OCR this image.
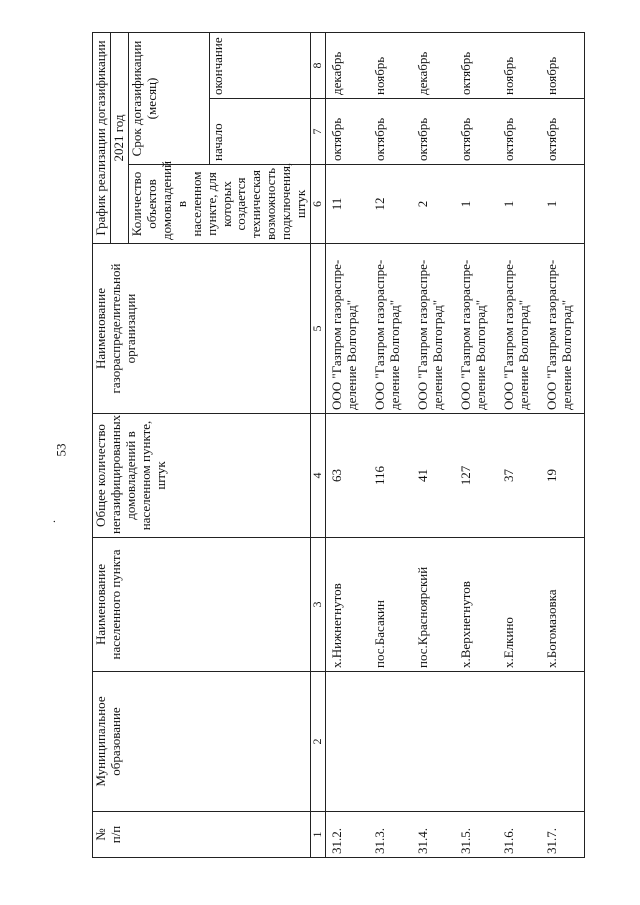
53
.
№
п/п	Муниципальное образование	Наименование населенного пункта	Общее количество негазифицированных домовладений в населенном пункте, штук	Наименование газораспределительной организации	График реализации догазификации		
					2021 год		
					Количество объектов домовладений в населенном пункте, для которых создается техническая возможность подключения, штук	Срок догазификации (месяц)	
						начало	окончание
1	2	3	4	5	6	7	8
31.2.		х.Нижнегнутов	63	ООО "Газпром газораспре-деление Волгоград"	11	октябрь	декабрь
31.3.		пос.Басакин	116	ООО "Газпром газораспре-деление Волгоград"	12	октябрь	ноябрь
31.4.		пос.Красноярский	41	ООО "Газпром газораспре-деление Волгоград"	2	октябрь	декабрь
31.5.		х.Верхнегнутов	127	ООО "Газпром газораспре-деление Волгоград"	1	октябрь	октябрь
31.6.		х.Елкино	37	ООО "Газпром газораспре-деление Волгоград"	1	октябрь	ноябрь
31.7.		х.Богомазовка	19	ООО "Газпром газораспре-деление Волгоград"	1	октябрь	ноябрь
